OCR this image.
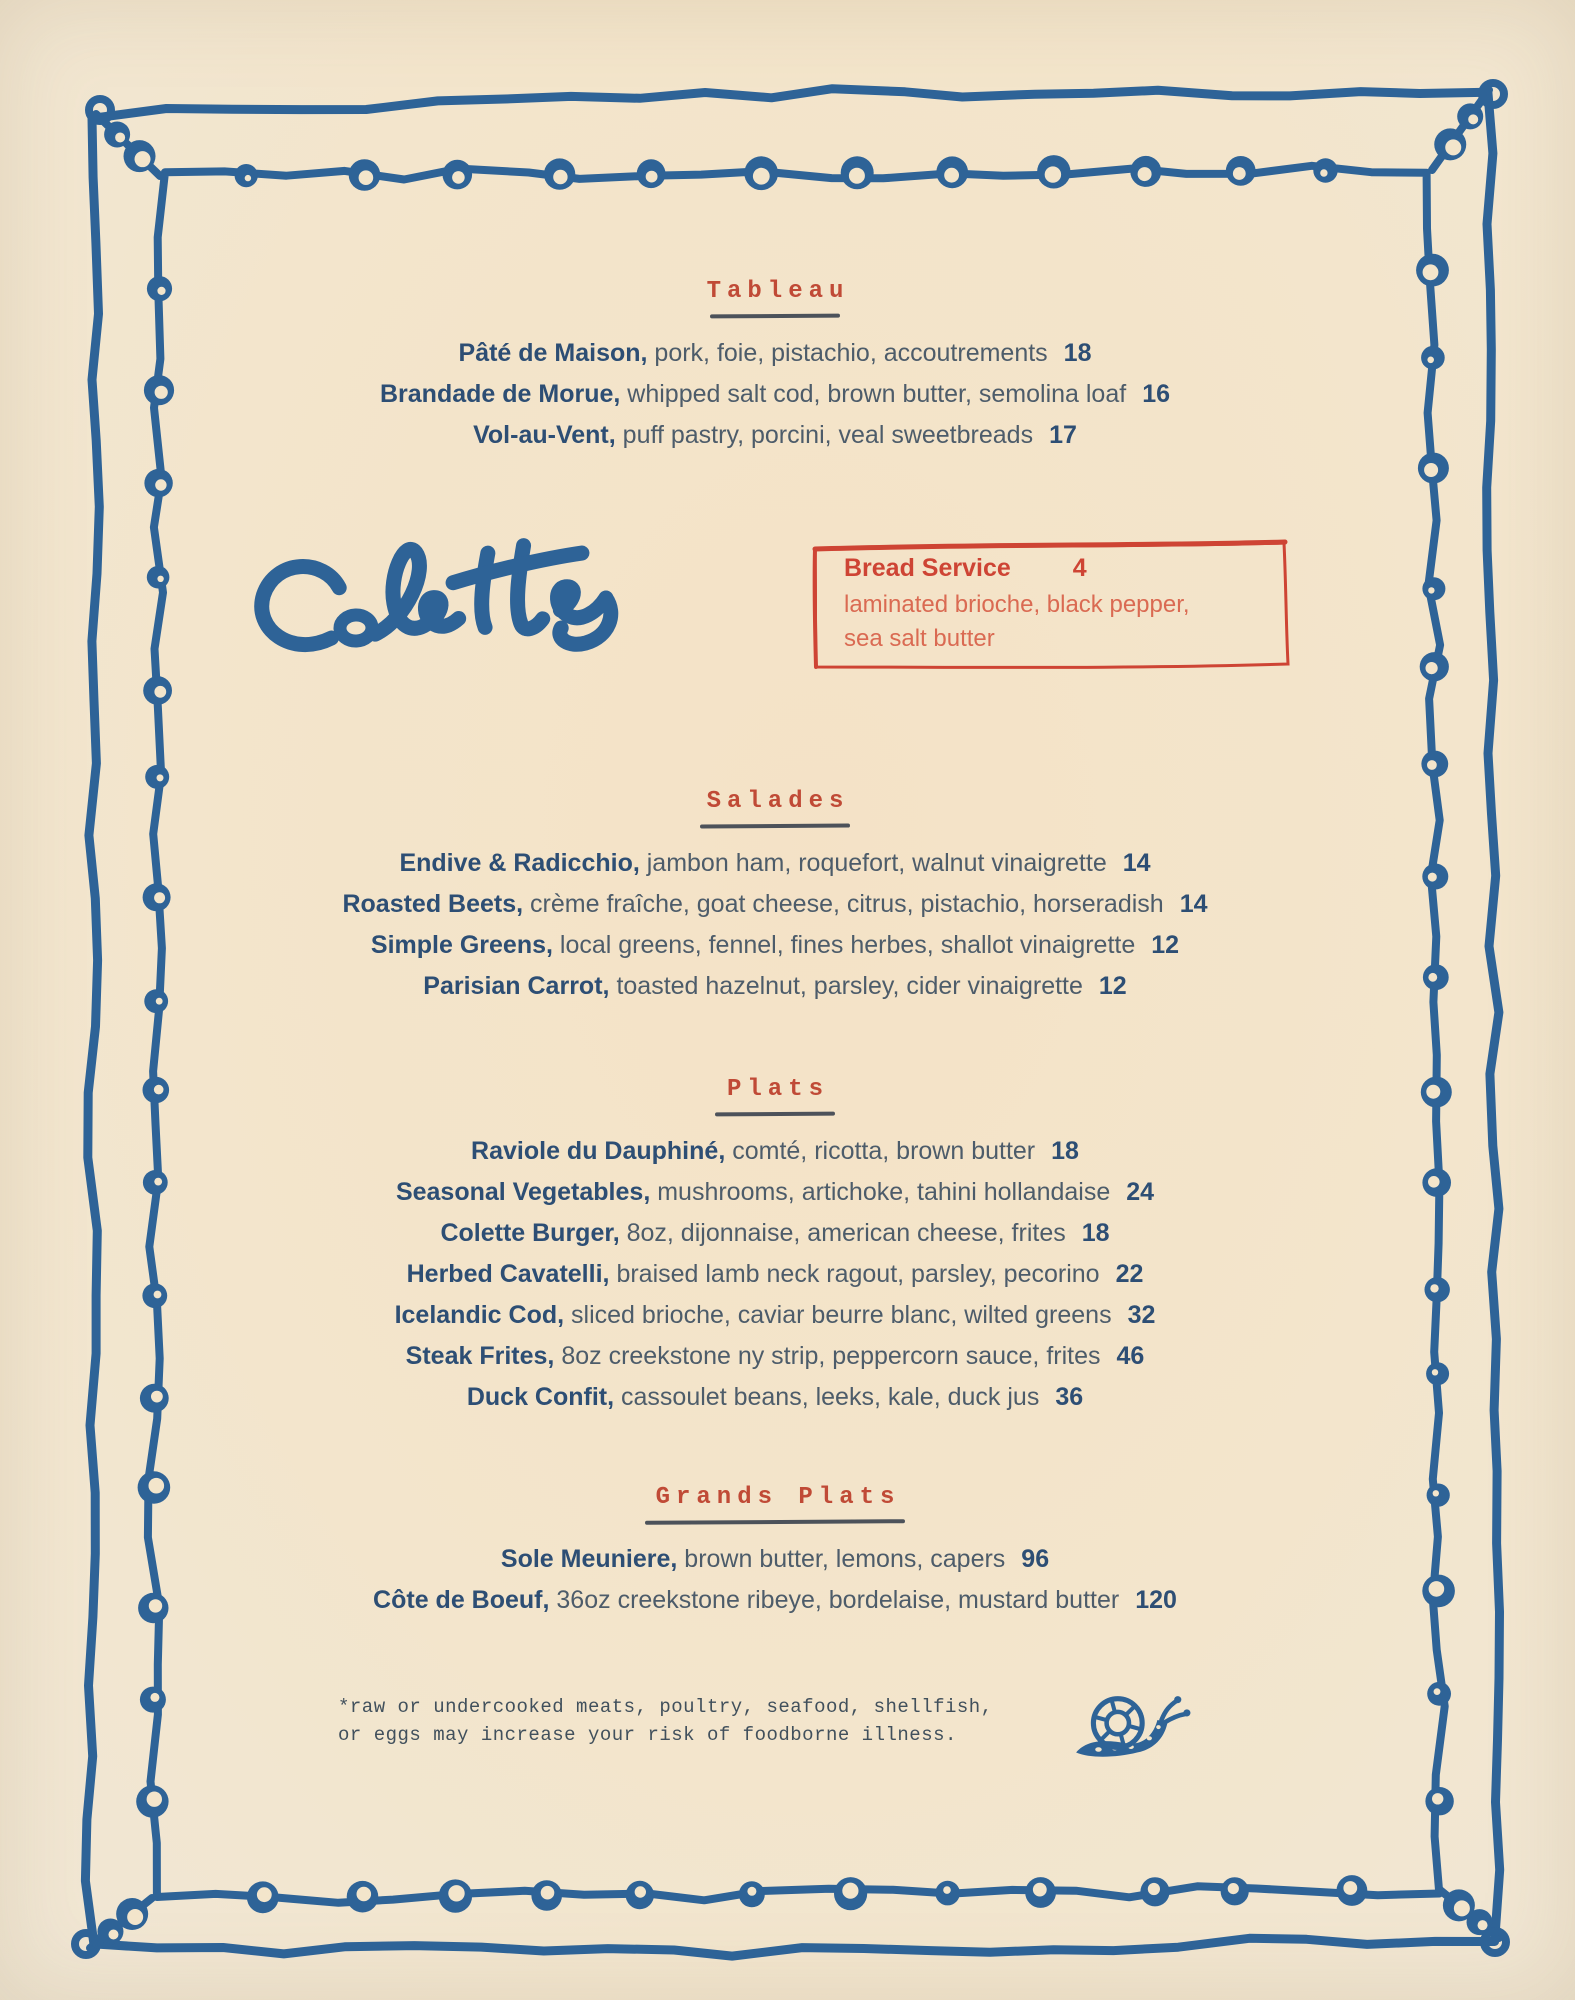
Bread Service 4
laminated brioche, black pepper,
sea salt butter
Tableau
Pâté de Maison , pork, foie, pistachio, accoutrements 18
Brandade de Morue , whipped salt cod, brown butter, semolina loaf 16
Vol-au-Vent , puff pastry, porcini, veal sweetbreads 17
Salades
Endive & Radicchio , jambon ham, roquefort, walnut vinaigrette 14
Roasted Beets , crème fraîche, goat cheese, citrus, pistachio, horseradish 14
Simple Greens , local greens, fennel, fines herbes, shallot vinaigrette 12
Parisian Carrot , toasted hazelnut, parsley, cider vinaigrette 12
Plats
Raviole du Dauphiné , comté, ricotta, brown butter 18
Seasonal Vegetables , mushrooms, artichoke, tahini hollandaise 24
Colette Burger , 8oz, dijonnaise, american cheese, frites 18
Herbed Cavatelli , braised lamb neck ragout, parsley, pecorino 22
Icelandic Cod , sliced brioche, caviar beurre blanc, wilted greens 32
Steak Frites , 8oz creekstone ny strip, peppercorn sauce, frites 46
Duck Confit , cassoulet beans, leeks, kale, duck jus 36
Grands Plats
Sole Meuniere , brown butter, lemons, capers 96
Côte de Boeuf , 36oz creekstone ribeye, bordelaise, mustard butter 120
*raw or undercooked meats, poultry, seafood, shellfish,
or eggs may increase your risk of foodborne illness.
